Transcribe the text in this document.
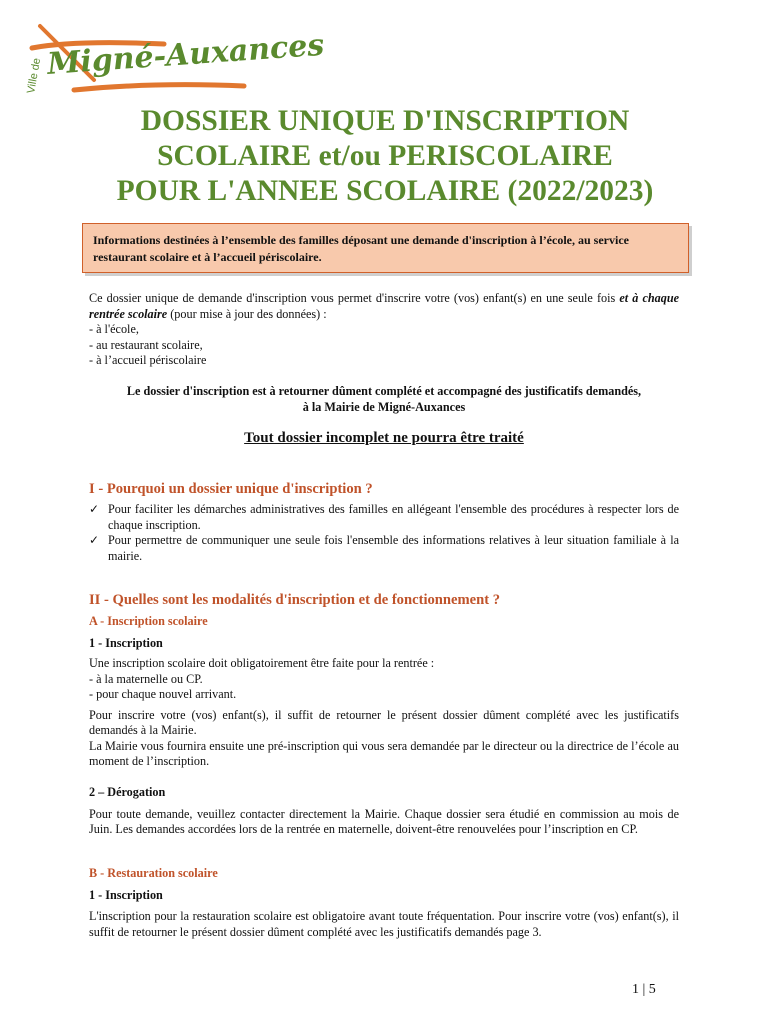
Ville de Migné-Auxances
DOSSIER UNIQUE D'INSCRIPTION
SCOLAIRE et/ou PERISCOLAIRE
POUR L'ANNEE SCOLAIRE (2022/2023)
Informations destinées à l’ensemble des familles déposant une demande d'inscription à l’école, au service restaurant scolaire et à l’accueil périscolaire.

Ce dossier unique de demande d'inscription vous permet d'inscrire votre (vos) enfant(s) en une seule fois et à chaque rentrée scolaire (pour mise à jour des données) :

- à l'école,

- au restaurant scolaire,

- à l’accueil périscolaire

Le dossier d'inscription est à retourner dûment complété et accompagné des justificatifs demandés,

à la Mairie de Migné-Auxances

Tout dossier incomplet ne pourra être traité
I - Pourquoi un dossier unique d'inscription ?
✓ Pour faciliter les démarches administratives des familles en allégeant l'ensemble des procédures à respecter lors de chaque inscription.
✓ Pour permettre de communiquer une seule fois l'ensemble des informations relatives à leur situation familiale à la mairie.
II - Quelles sont les modalités d'inscription et de fonctionnement ?

A - Inscription scolaire

1 - Inscription

Une inscription scolaire doit obligatoirement être faite pour la rentrée :

- à la maternelle ou CP.

- pour chaque nouvel arrivant.

Pour inscrire votre (vos) enfant(s), il suffit de retourner le présent dossier dûment complété avec les justificatifs demandés à la Mairie.

La Mairie vous fournira ensuite une pré-inscription qui vous sera demandée par le directeur ou la directrice de l’école au moment de l’inscription.

2 – Dérogation

Pour toute demande, veuillez contacter directement la Mairie. Chaque dossier sera étudié en commission au mois de Juin. Les demandes accordées lors de la rentrée en maternelle, doivent-être renouvelées pour l’inscription en CP.

B - Restauration scolaire

1 - Inscription

L'inscription pour la restauration scolaire est obligatoire avant toute fréquentation. Pour inscrire votre (vos) enfant(s), il suffit de retourner le présent dossier dûment complété avec les justificatifs demandés page 3.

1 | 5
